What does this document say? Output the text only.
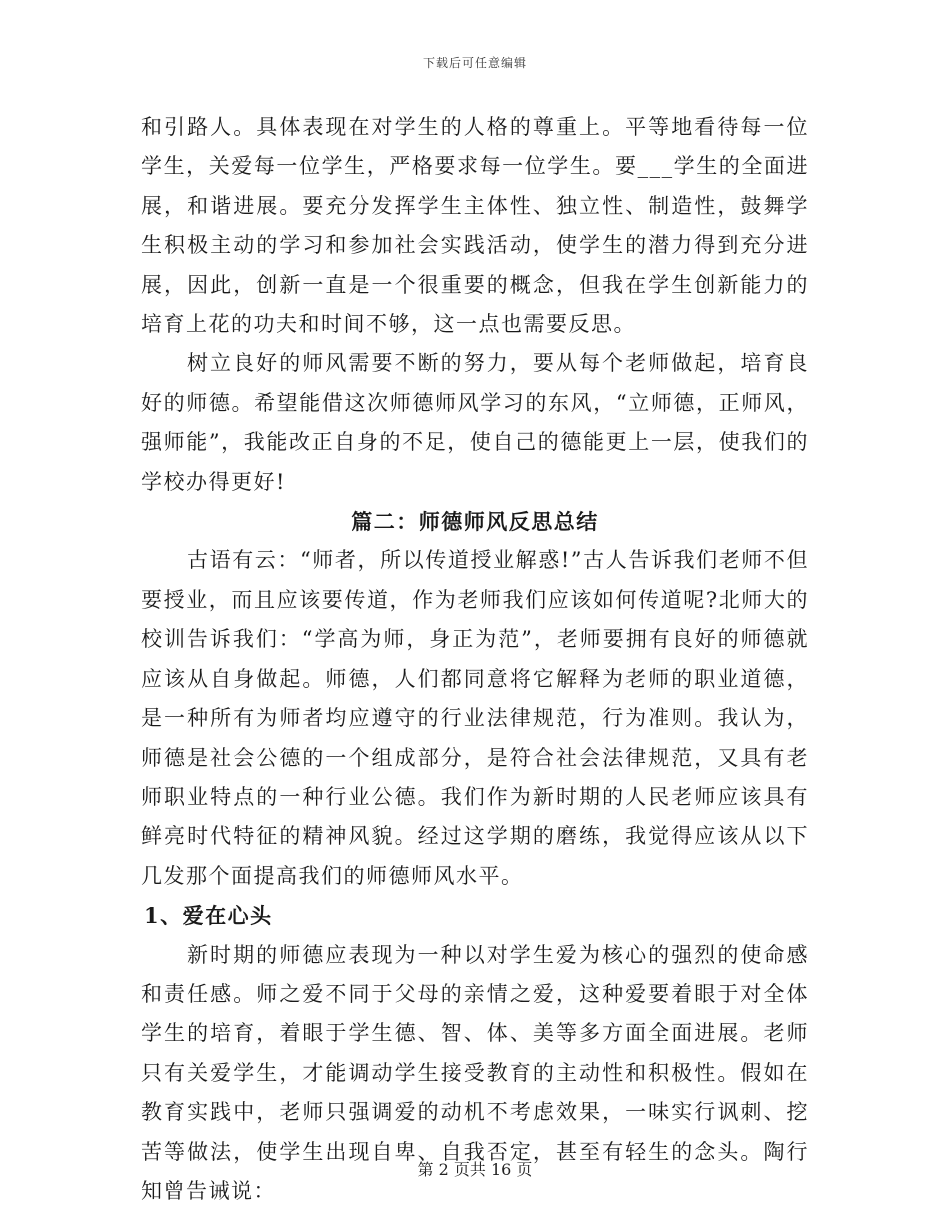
下载后可任意编辑

和引路人。具体表现在对学生的人格的尊重上。平等地看待每一位学生，关爱每一位学生，严格要求每一位学生。要___学生的全面进展，和谐进展。要充分发挥学生主体性、独立性、制造性，鼓舞学生积极主动的学习和参加社会实践活动，使学生的潜力得到充分进展，因此，创新一直是一个很重要的概念，但我在学生创新能力的培育上花的功夫和时间不够，这一点也需要反思。

树立良好的师风需要不断的努力，要从每个老师做起，培育良好的师德。希望能借这次师德师风学习的东风，“立师德，正师风，强师能”，我能改正自身的不足，使自己的德能更上一层，使我们的学校办得更好!

篇二：师德师风反思总结

古语有云：“师者，所以传道授业解惑!”古人告诉我们老师不但要授业，而且应该要传道，作为老师我们应该如何传道呢?北师大的校训告诉我们：“学高为师，身正为范”，老师要拥有良好的师德就应该从自身做起。师德，人们都同意将它解释为老师的职业道德，是一种所有为师者均应遵守的行业法律规范，行为准则。我认为，师德是社会公德的一个组成部分，是符合社会法律规范，又具有老师职业特点的一种行业公德。我们作为新时期的人民老师应该具有鲜亮时代特征的精神风貌。经过这学期的磨练，我觉得应该从以下几发那个面提高我们的师德师风水平。

1、爱在心头

新时期的师德应表现为一种以对学生爱为核心的强烈的使命感和责任感。师之爱不同于父母的亲情之爱，这种爱要着眼于对全体学生的培育，着眼于学生德、智、体、美等多方面全面进展。老师只有关爱学生，才能调动学生接受教育的主动性和积极性。假如在教育实践中，老师只强调爱的动机不考虑效果，一味实行讽刺、挖苦等做法，使学生出现自卑、自我否定，甚至有轻生的念头。陶行知曾告诫说：

第 2 页共 16 页
